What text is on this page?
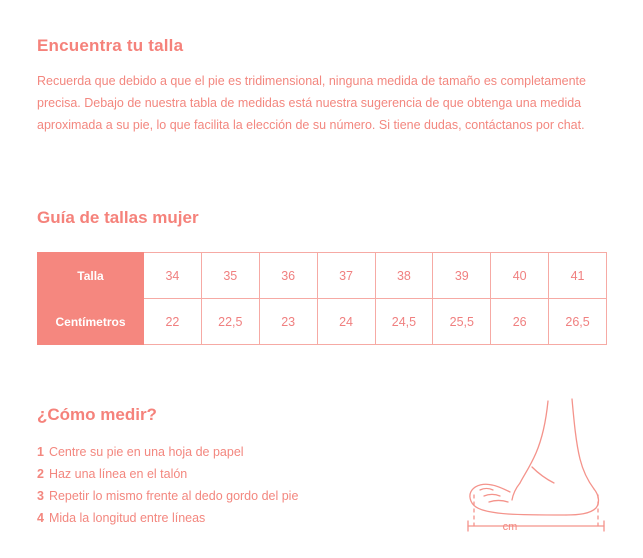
Encuentra tu talla

Recuerda que debido a que el pie es tridimensional, ninguna medida de tamaño es completamente precisa. Debajo de nuestra tabla de medidas está nuestra sugerencia de que obtenga una medida aproximada a su pie, lo que facilita la elección de su número. Si tiene dudas, contáctanos por chat.

Guía de tallas mujer
Talla	34	35	36	37	38	39	40	41
Centímetros	22	22,5	23	24	24,5	25,5	26	26,5
¿Cómo medir?
1 Centre su pie en una hoja de papel
2 Haz una línea en el talón
3 Repetir lo mismo frente al dedo gordo del pie
4 Mida la longitud entre líneas
cm
